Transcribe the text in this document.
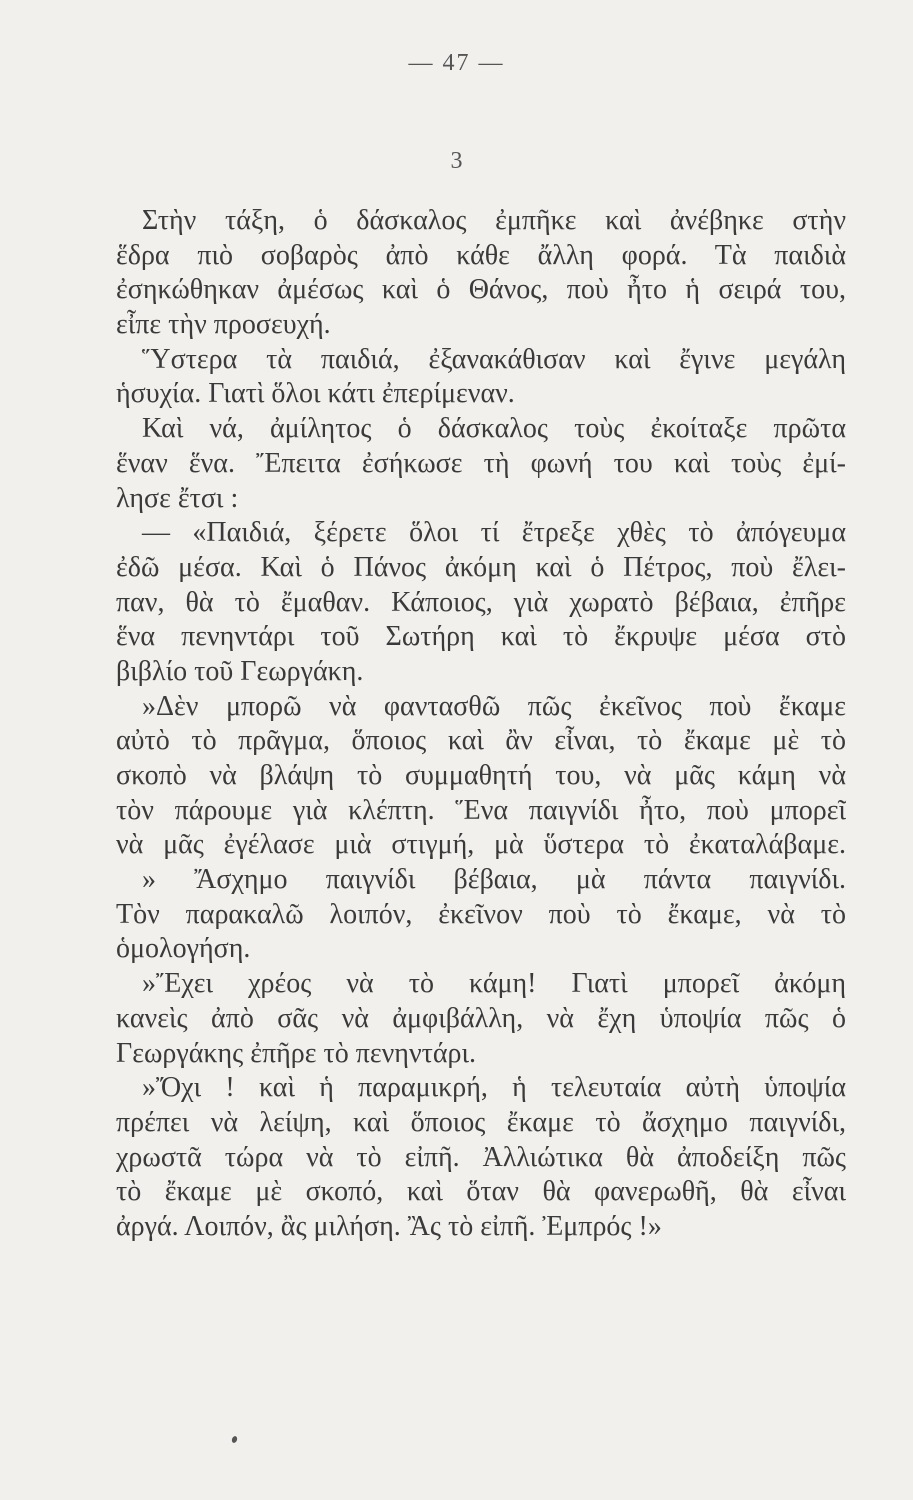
— 47 —
3
Στὴν τάξη, ὁ δάσκαλος ἐμπῆκε καὶ ἀνέβηκε στὴν
ἕδρα πιὸ σοβαρὸς ἀπὸ κάθε ἄλλη φορά. Τὰ παιδιὰ
ἐσηκώθηκαν ἀμέσως καὶ ὁ Θάνος, ποὺ ἦτο ἡ σειρά του,
εἶπε τὴν προσευχή.
Ὕστερα τὰ παιδιά, ἐξανακάθισαν καὶ ἔγινε μεγάλη
ἡσυχία. Γιατὶ ὅλοι κάτι ἐπερίμεναν.
Καὶ νά, ἀμίλητος ὁ δάσκαλος τοὺς ἐκοίταξε πρῶτα
ἕναν ἕνα. Ἔπειτα ἐσήκωσε τὴ φωνή του καὶ τοὺς ἐμί-
λησε ἔτσι :
— «Παιδιά, ξέρετε ὅλοι τί ἔτρεξε χθὲς τὸ ἀπόγευμα
ἐδῶ μέσα. Καὶ ὁ Πάνος ἀκόμη καὶ ὁ Πέτρος, ποὺ ἔλει-
παν, θὰ τὸ ἔμαθαν. Κάποιος, γιὰ χωρατὸ βέβαια, ἐπῆρε
ἕνα πενηντάρι τοῦ Σωτήρη καὶ τὸ ἔκρυψε μέσα στὸ
βιβλίο τοῦ Γεωργάκη.
»Δὲν μπορῶ νὰ φαντασθῶ πῶς ἐκεῖνος ποὺ ἔκαμε
αὐτὸ τὸ πρᾶγμα, ὅποιος καὶ ἂν εἶναι, τὸ ἔκαμε μὲ τὸ
σκοπὸ νὰ βλάψη τὸ συμμαθητή του, νὰ μᾶς κάμη νὰ
τὸν πάρουμε γιὰ κλέπτη. Ἕνα παιγνίδι ἦτο, ποὺ μπορεῖ
νὰ μᾶς ἐγέλασε μιὰ στιγμή, μὰ ὕστερα τὸ ἐκαταλάβαμε.
» Ἄσχημο παιγνίδι βέβαια, μὰ πάντα παιγνίδι.
Τὸν παρακαλῶ λοιπόν, ἐκεῖνον ποὺ τὸ ἔκαμε, νὰ τὸ
ὁμολογήση.
»Ἔχει χρέος νὰ τὸ κάμη! Γιατὶ μπορεῖ ἀκόμη
κανεὶς ἀπὸ σᾶς νὰ ἀμφιβάλλη, νὰ ἔχη ὑποψία πῶς ὁ
Γεωργάκης ἐπῆρε τὸ πενηντάρι.
»Ὄχι ! καὶ ἡ παραμικρή, ἡ τελευταία αὐτὴ ὑποψία
πρέπει νὰ λείψη, καὶ ὅποιος ἔκαμε τὸ ἄσχημο παιγνίδι,
χρωστᾶ τώρα νὰ τὸ εἰπῆ. Ἀλλιώτικα θὰ ἀποδείξη πῶς
τὸ ἔκαμε μὲ σκοπό, καὶ ὅταν θὰ φανερωθῆ, θὰ εἶναι
ἀργά. Λοιπόν, ἂς μιλήση. Ἂς τὸ εἰπῆ. Ἐμπρός !»
